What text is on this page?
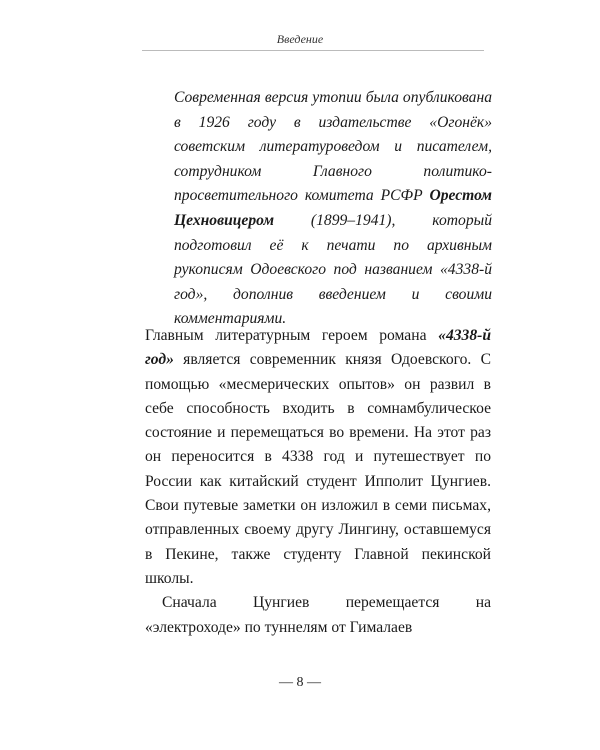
Введение
Современная версия утопии была опубликована в 1926 году в издательстве «Огонёк» советским литературоведом и писателем, сотрудником Главного политико-просветительного комитета РСФР Орестом Цехновицером (1899–1941), который подготовил её к печати по архивным рукописям Одоевского под названием «4338-й год», дополнив введением и своими комментариями.

Главным литературным героем романа «4338-й год» является современник князя Одоевского. С помощью «месмерических опытов» он развил в себе способность входить в сомнамбулическое состояние и перемещаться во времени. На этот раз он переносится в 4338 год и путешествует по России как китайский студент Ипполит Цунгиев. Свои путевые заметки он изложил в семи письмах, отправленных своему другу Лингину, оставшемуся в Пекине, также студенту Главной пекинской школы.

Сначала Цунгиев перемещается на «электроходе» по туннелям от Гималаев

— 8 —
